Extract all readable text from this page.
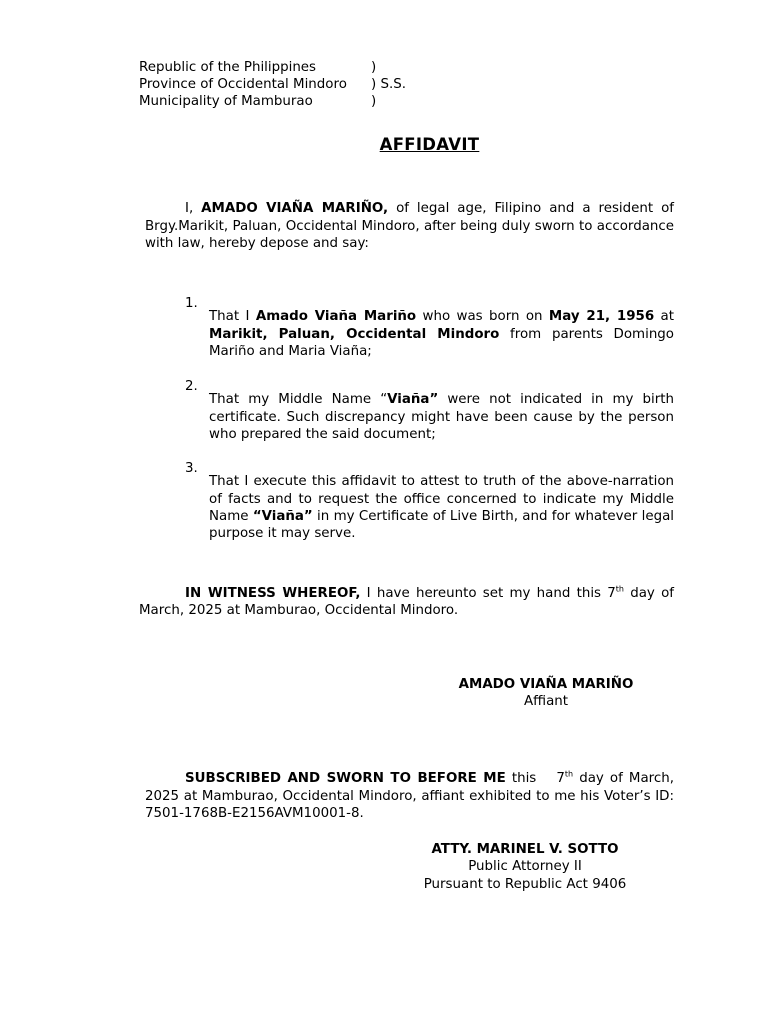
Republic of the Philippines	)
Province of Occidental Mindoro ) S.S.
Municipality of Mamburao	)
AFFIDAVIT

I, AMADO VIAÑA MARIÑO, of legal age, Filipino and a resident of Brgy.Marikit, Paluan, Occidental Mindoro, after being duly sworn to accordance with law, hereby depose and say:

1.

That I Amado Viaña Mariño who was born on May 21, 1956 at Marikit, Paluan, Occidental Mindoro from parents Domingo Mariño and Maria Viaña;

2.

That my Middle Name “Viaña” were not indicated in my birth certificate. Such discrepancy might have been cause by the person who prepared the said document;

3.

That I execute this affidavit to attest to truth of the above-narration of facts and to request the office concerned to indicate my Middle Name “Viaña” in my Certificate of Live Birth, and for whatever legal purpose it may serve.

IN WITNESS WHEREOF, I have hereunto set my hand this 7th day of March, 2025 at Mamburao, Occidental Mindoro.

AMADO VIAÑA MARIÑO
Affiant

SUBSCRIBED AND SWORN TO BEFORE ME this 7th day of March, 2025 at Mamburao, Occidental Mindoro, affiant exhibited to me his Voter’s ID: 7501-1768B-E2156AVM10001-8.

ATTY. MARINEL V. SOTTO
Public Attorney II
Pursuant to Republic Act 9406
